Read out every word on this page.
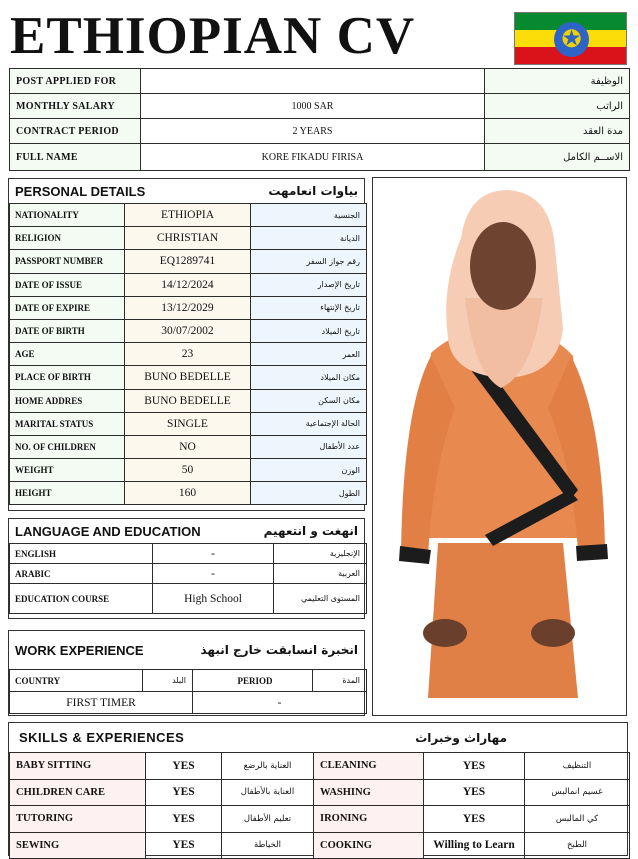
ETHIOPIAN CV	✪
POST APPLIED FOR		الوظيفة
MONTHLY SALARY	1000 SAR	الراتب
CONTRACT PERIOD	2 YEARS	مدة العقد
FULL NAME	KORE FIKADU FIRISA	الاســم الكامل
PERSONAL DETAILS	بياوات انعامهت
NATIONALITY	ETHIOPIA	الجنسية
RELIGION	CHRISTIAN	الديانة
PASSPORT NUMBER	EQ1289741	رقم جواز السفر
DATE OF ISSUE	14/12/2024	تاريخ الإصدار
DATE OF EXPIRE	13/12/2029	تاريخ الإنتهاء
DATE OF BIRTH	30/07/2002	تاريخ الميلاد
AGE	23	العمر
PLACE OF BIRTH	BUNO BEDELLE	مكان الميلاد
HOME ADDRES	BUNO BEDELLE	مكان السكن
MARITAL STATUS	SINGLE	الحالة الإجتماعية
NO. OF CHILDREN	NO	عدد الأطفال
WEIGHT	50	الوزن
HEIGHT	160	الطول
LANGUAGE AND EDUCATION	انهغت و انتعهيم
ENGLISH	-	الإنجليزية
ARABIC	-	العربية
EDUCATION COURSE	High School	المستوى التعليمي
WORK EXPERIENCE	انخبرة انسابقت خارج انبهذ
COUNTRY	البلد	PERIOD	المدة
FIRST TIMER		-	
SKILLS & EXPERIENCES	مهاراث وخبراث
BABY SITTING	YES	العناية بالرضع	CLEANING	YES	التنظيف
CHILDREN CARE	YES	العناية بالأطفال	WASHING	YES	غسيم انمالبس
TUTORING	YES	تعليم الأطفال	IRONING	YES	كي المالبس
SEWING	YES	الخياطة	COOKING	Willing to Learn	الطبخ
